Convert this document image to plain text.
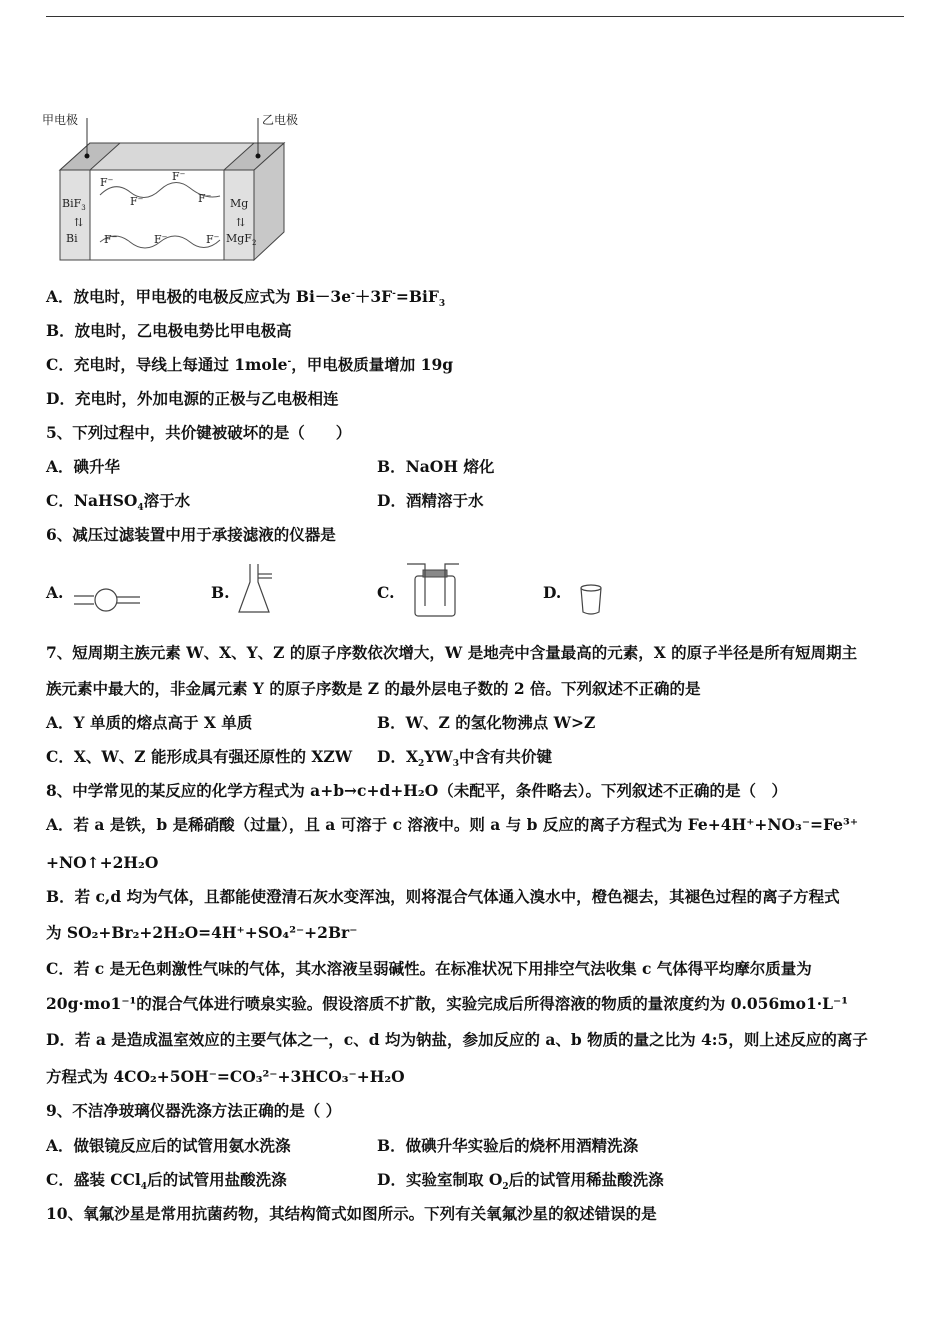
甲电极	乙电极
F−	F−
F−	F−
F−	F−	F−
BiF$_3$
⇅
Bi
Mg
⇅
MgF$_2$
A．放电时，甲电极的电极反应式为 Bi－3e-＋3F-=BiF$_3$
B．放电时，乙电极电势比甲电极高
C．充电时，导线上每通过 1mole-，甲电极质量增加 19g
D．充电时，外加电源的正极与乙电极相连
5、下列过程中，共价键被破坏的是（　　）
A．碘升华	B．NaOH 熔化
C．NaHSO$_4$溶于水	D．酒精溶于水
6、减压过滤装置中用于承接滤液的仪器是
A.	B.	C.	D.
7、短周期主族元素 W、X、Y、Z 的原子序数依次增大，W 是地壳中含量最高的元素，X 的原子半径是所有短周期主
族元素中最大的，非金属元素 Y 的原子序数是 Z 的最外层电子数的 2 倍。下列叙述不正确的是
A．Y 单质的熔点高于 X 单质	B．W、Z 的氢化物沸点 W>Z
C．X、W、Z 能形成具有强还原性的 XZW D．$X_2YW_3$中含有共价键
8、中学常见的某反应的化学方程式为 a+b→c+d+H₂O（未配平，条件略去）。下列叙述不正确的是（　）
A．若 a 是铁，b 是稀硝酸（过量），且 a 可溶于 c 溶液中。则 a 与 b 反应的离子方程式为 Fe+4H⁺+NO₃⁻=Fe³⁺
+NO↑+2H₂O
B．若 c,d 均为气体，且都能使澄清石灰水变浑浊，则将混合气体通入溴水中，橙色褪去，其褪色过程的离子方程式
为 SO₂+Br₂+2H₂O=4H⁺+SO₄²⁻+2Br⁻
C．若 c 是无色刺激性气味的气体，其水溶液呈弱碱性。在标准状况下用排空气法收集 c 气体得平均摩尔质量为
20g·mo1⁻¹的混合气体进行喷泉实验。假设溶质不扩散，实验完成后所得溶液的物质的量浓度约为 0.056mo1·L⁻¹
D．若 a 是造成温室效应的主要气体之一，c、d 均为钠盐，参加反应的 a、b 物质的量之比为 4:5，则上述反应的离子
方程式为 4CO₂+5OH⁻=CO₃²⁻+3HCO₃⁻+H₂O
9、不洁净玻璃仪器洗涤方法正确的是（ ）
A．做银镜反应后的试管用氨水洗涤	B．做碘升华实验后的烧杯用酒精洗涤
C．盛装 CCl$_4$后的试管用盐酸洗涤	D．实验室制取 $O_2$后的试管用稀盐酸洗涤
10、氧氟沙星是常用抗菌药物，其结构简式如图所示。下列有关氧氟沙星的叙述错误的是
